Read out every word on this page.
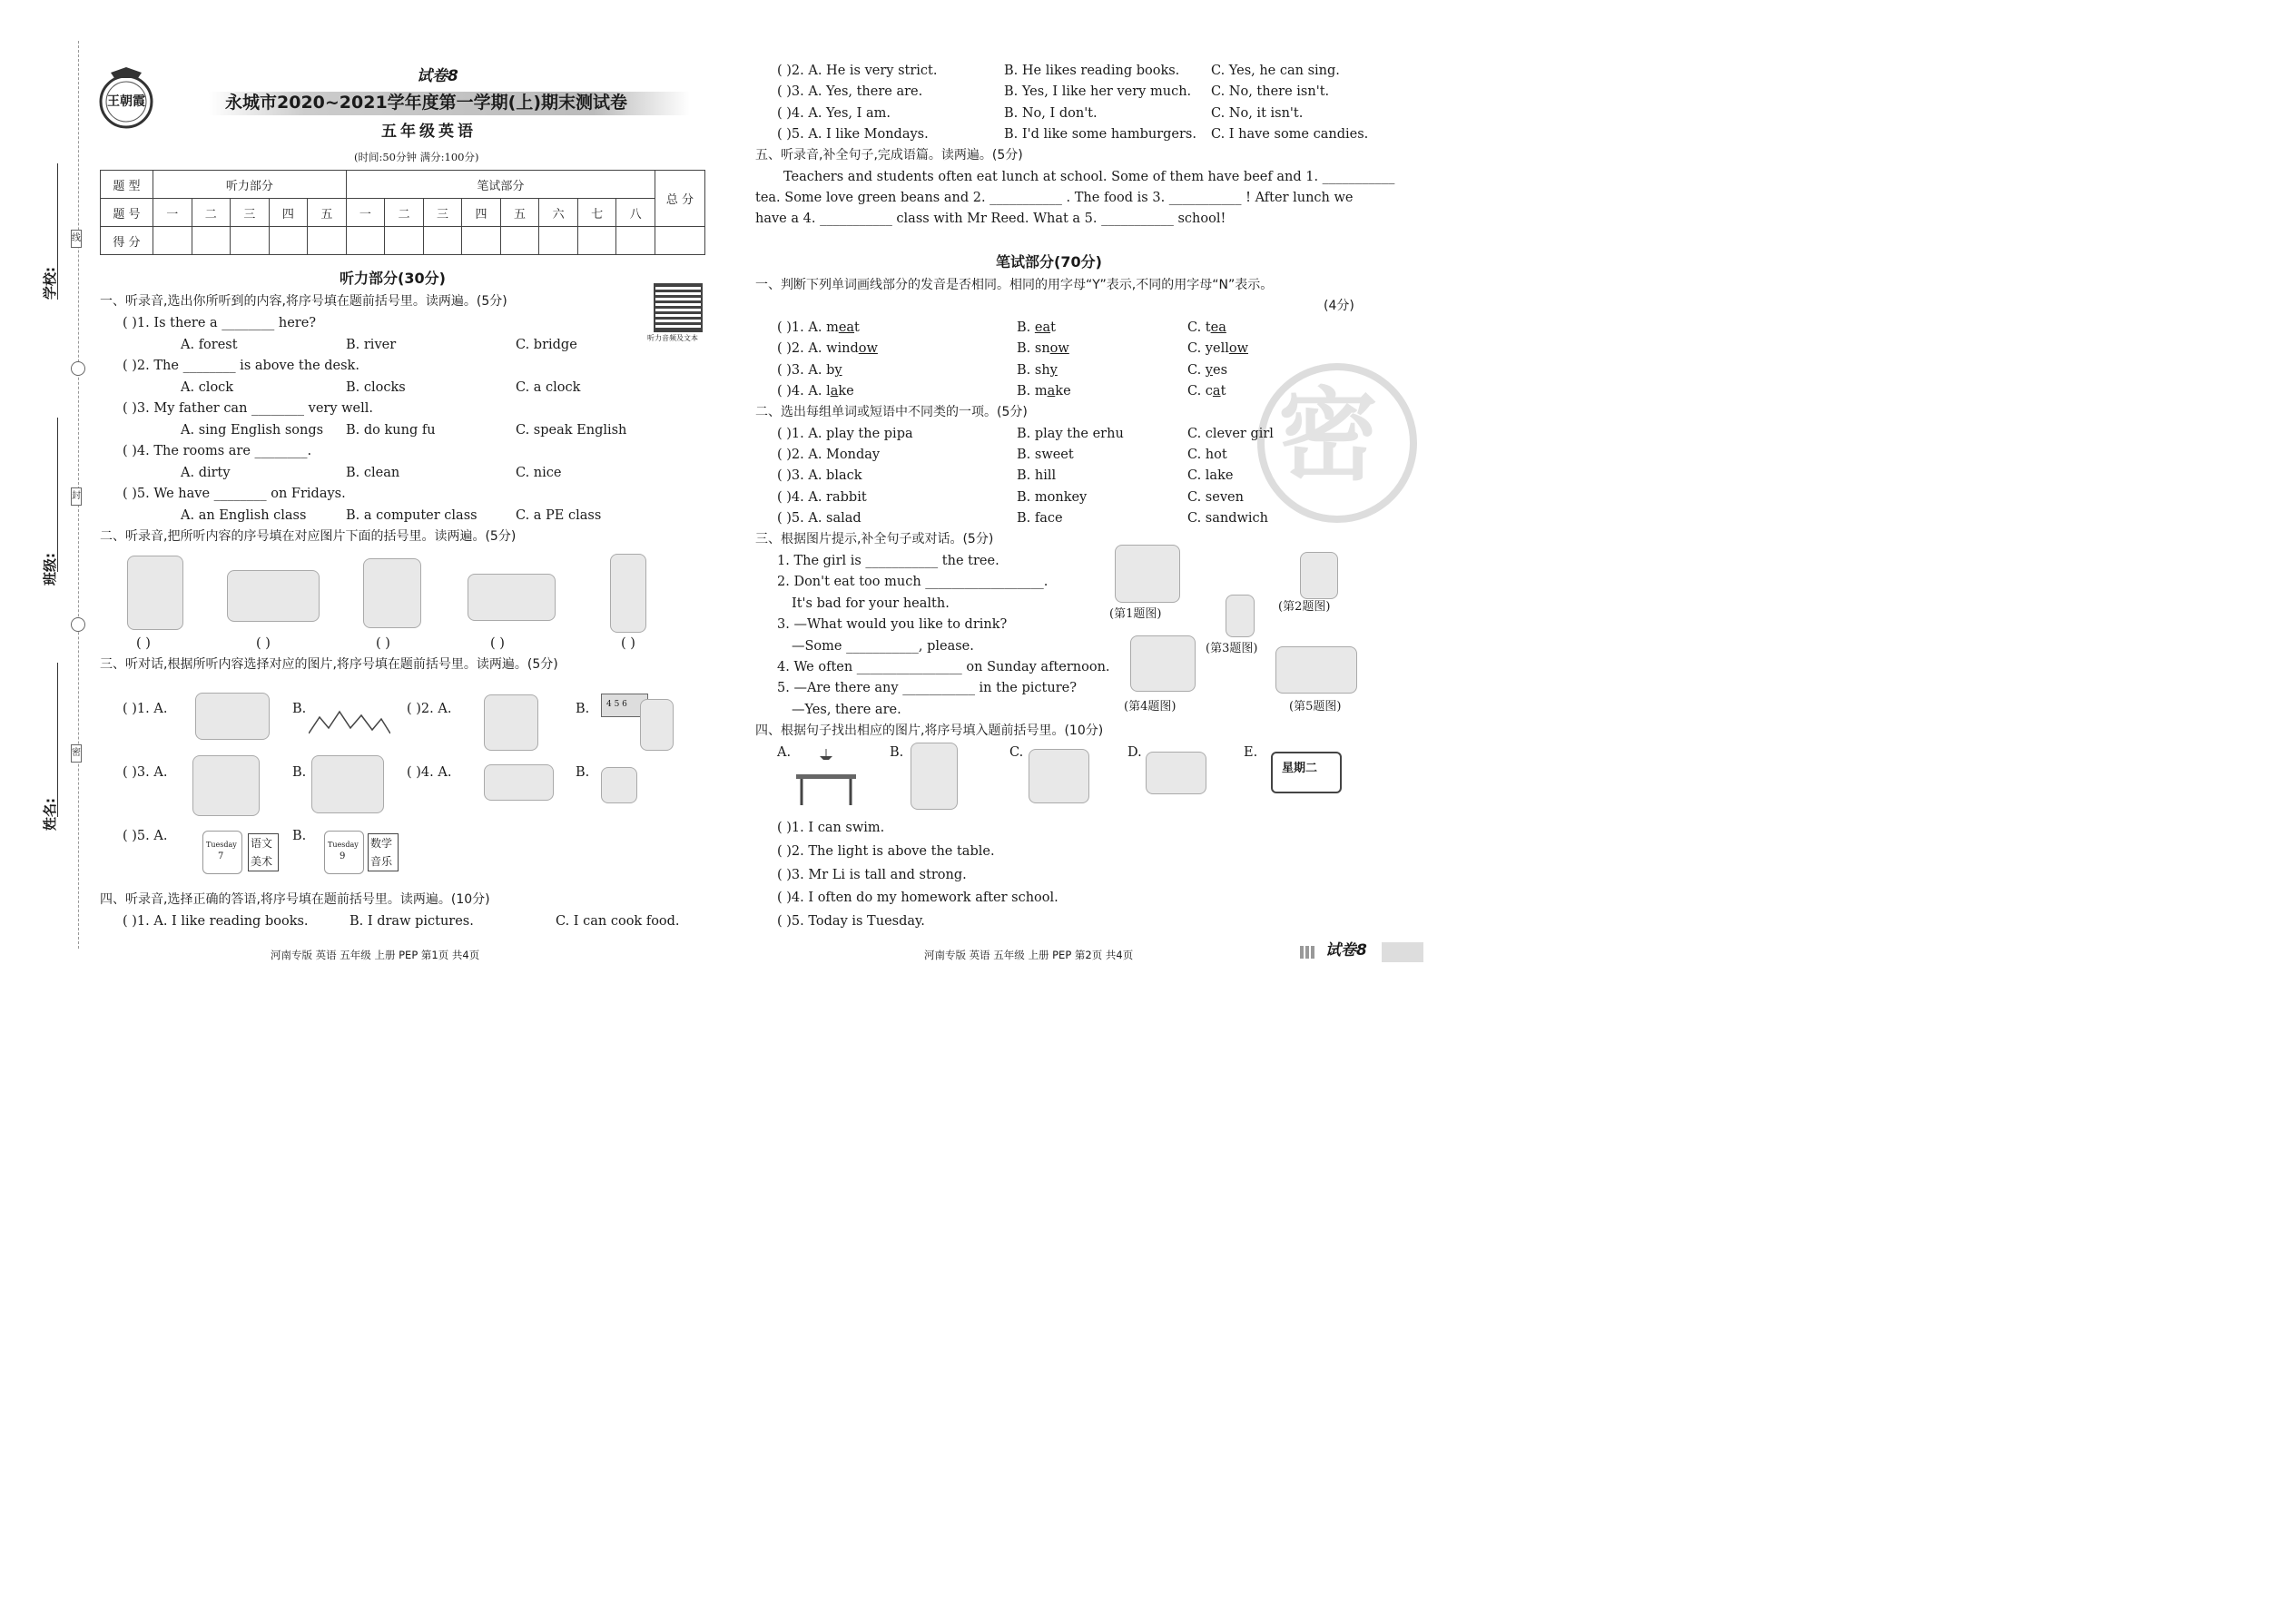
学校:
班级:
姓名:
线
封
密
王朝霞
试卷8
永城市2020~2021学年度第一学期(上)期末测试卷
五年级英语
(时间:50分钟 满分:100分)
题 型	听力部分					笔试部分								总 分
题 号	一	二	三	四	五	一	二	三	四	五	六	七	八	
得 分														
听力部分(30分)
听力音频及文本
一、听录音,选出你所听到的内容,将序号填在题前括号里。读两遍。(5分)
( )1. Is there a ________ here?
A. forest	B. river	C. bridge
( )2. The ________ is above the desk.
A. clock	B. clocks	C. a clock
( )3. My father can ________ very well.
A. sing English songs B. do kung fu	C. speak English
( )4. The rooms are ________.
A. dirty	B. clean	C. nice
( )5. We have ________ on Fridays.
A. an English class	B. a computer class	C. a PE class
二、听录音,把所听内容的序号填在对应图片下面的括号里。读两遍。(5分)
( )	( )	( )	( )	( )
三、听对话,根据所听内容选择对应的图片,将序号填在题前括号里。读两遍。(5分)
( )1. A.	B.	( )2. A.	B. 4 5 6
( )3. A.	B.	( )4. A.	B.
( )5. A.
Tuesday
7
语文
美术
B.
Tuesday
9
数学
音乐
四、听录音,选择正确的答语,将序号填在题前括号里。读两遍。(10分)
( )1. A. I like reading books.	B. I draw pictures.	C. I can cook food.
河南专版 英语 五年级 上册 PEP 第1页 共4页
( )2. A. He is very strict.	B. He likes reading books. C. Yes, he can sing.
( )3. A. Yes, there are.	B. Yes, I like her very much. C. No, there isn't.
( )4. A. Yes, I am.	B. No, I don't.	C. No, it isn't.
( )5. A. I like Mondays.	B. I'd like some hamburgers. C. I have some candies.
五、听录音,补全句子,完成语篇。读两遍。(5分)
Teachers and students often eat lunch at school. Some of them have beef and 1. ___________
tea. Some love green beans and 2. ___________ . The food is 3. ___________ ! After lunch we
have a 4. ___________ class with Mr Reed. What a 5. ___________ school!
笔试部分(70分)
一、判断下列单词画线部分的发音是否相同。相同的用字母“Y”表示,不同的用字母“N”表示。
(4分)
( )1. A. meat	B. eat	C. tea
( )2. A. window	B. snow	C. yellow
( )3. A. by	B. shy	C. yes
( )4. A. lake	B. make	C. cat 密
二、选出每组单词或短语中不同类的一项。(5分)
( )1. A. play the pipa	B. play the erhu	C. clever girl
( )2. A. Monday	B. sweet	C. hot
( )3. A. black	B. hill	C. lake
( )4. A. rabbit	B. monkey	C. seven
( )5. A. salad	B. face	C. sandwich
三、根据图片提示,补全句子或对话。(5分)
1. The girl is ___________ the tree.
2. Don't eat too much __________________.
It's bad for your health.
3. —What would you like to drink?
—Some ___________, please.
4. We often ________________ on Sunday afternoon.
5. —Are there any ___________ in the picture?
—Yes, there are.
(第1题图)
(第2题图)
(第3题图)
(第4题图)	(第5题图)
四、根据句子找出相应的图片,将序号填入题前括号里。(10分)
A.	B.	C.	D.	E.
星期二
( )1. I can swim.
( )2. The light is above the table.
( )3. Mr Li is tall and strong.
( )4. I often do my homework after school.
( )5. Today is Tuesday.
河南专版 英语 五年级 上册 PEP 第2页 共4页	试卷8
